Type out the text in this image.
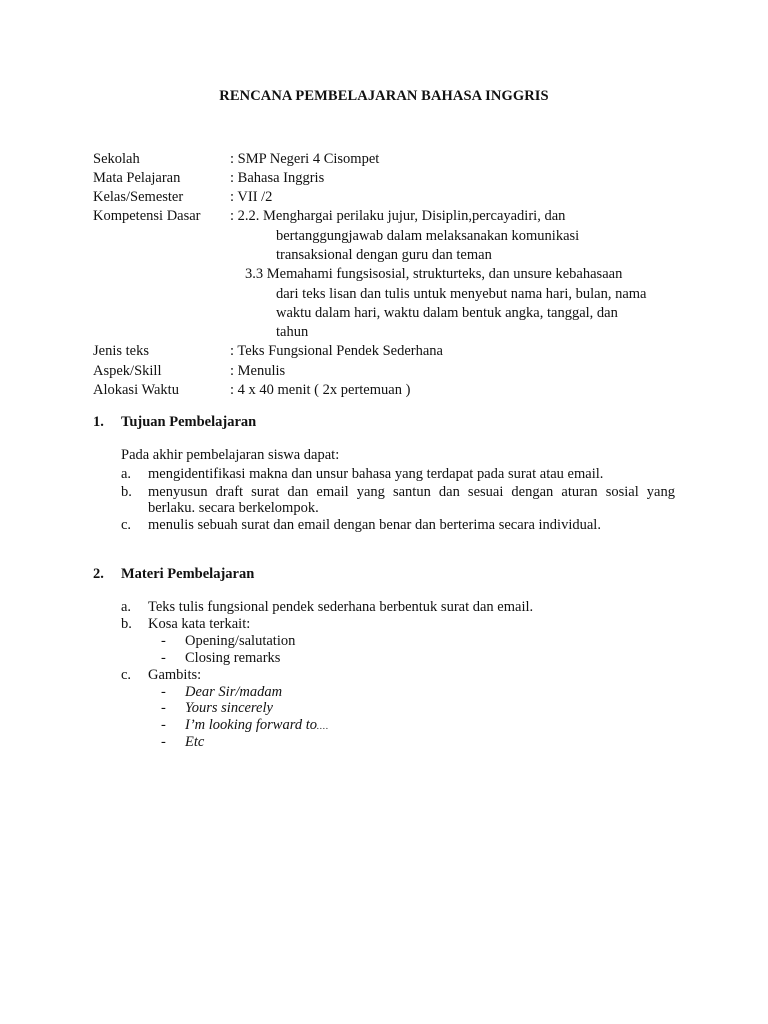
RENCANA PEMBELAJARAN BAHASA INGGRIS
Sekolah	: SMP Negeri 4 Cisompet
Mata Pelajaran	: Bahasa Inggris
Kelas/Semester	: VII /2
Kompetensi Dasar : 2.2. Menghargai perilaku jujur, Disiplin,percayadiri, dan
bertanggungjawab dalam melaksanakan komunikasi
transaksional dengan guru dan teman
3.3 Memahami fungsisosial, strukturteks, dan unsure kebahasaan
dari teks lisan dan tulis untuk menyebut nama hari, bulan, nama
waktu dalam hari, waktu dalam bentuk angka, tanggal, dan
tahun
Jenis teks	: Teks Fungsional Pendek Sederhana
Aspek/Skill	: Menulis
Alokasi Waktu	: 4 x 40 menit ( 2x pertemuan )
1. Tujuan Pembelajaran
Pada akhir pembelajaran siswa dapat:
a. mengidentifikasi makna dan unsur bahasa yang terdapat pada surat atau email.
b. menyusun draft surat dan email yang santun dan sesuai dengan aturan sosial yang
berlaku. secara berkelompok.
c. menulis sebuah surat dan email dengan benar dan berterima secara individual.
2. Materi Pembelajaran
a. Teks tulis fungsional pendek sederhana berbentuk surat dan email.
b. Kosa kata terkait:
- Opening/salutation
- Closing remarks
c. Gambits:
- Dear Sir/madam
- Yours sincerely
- I’m looking forward to….
- Etc
